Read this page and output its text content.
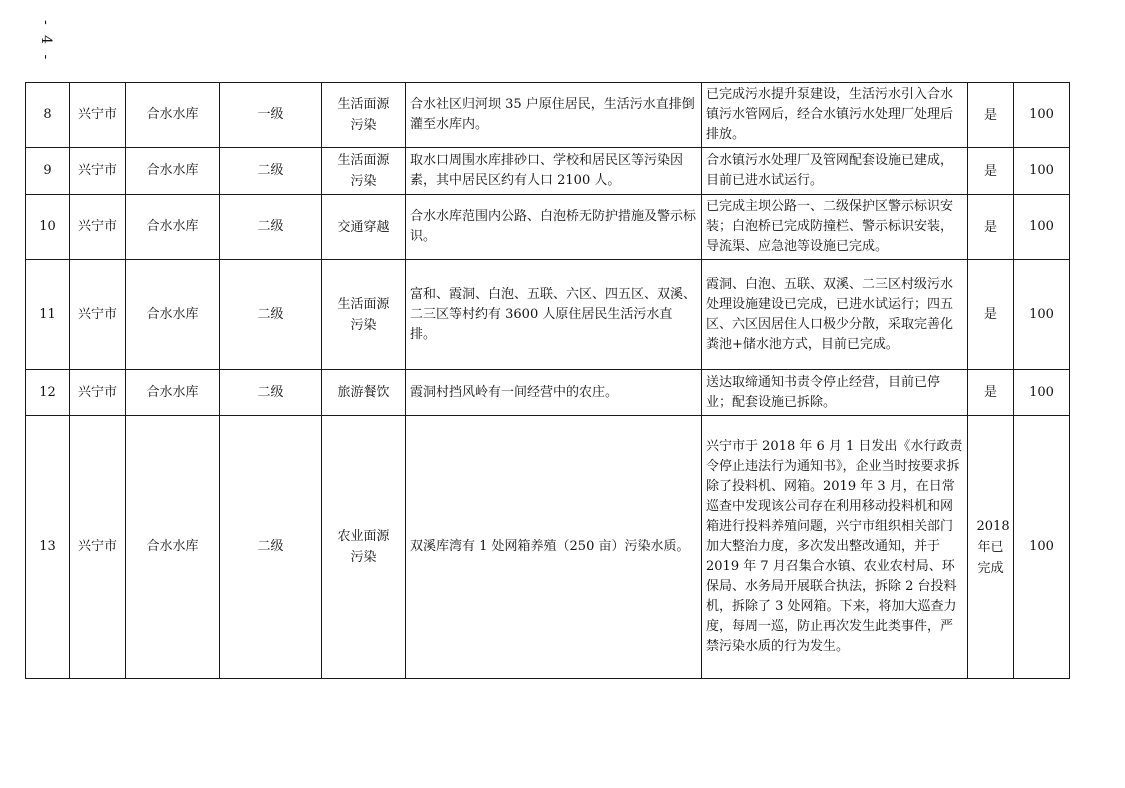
- 4 -
8	兴宁市	合水水库	一级	生活面源污染	合水社区归河坝 35 户原住居民，生活污水直排倒灌至水库内。	已完成污水提升泵建设，生活污水引入合水镇污水管网后，经合水镇污水处理厂处理后排放。	是	100
9	兴宁市	合水水库	二级	生活面源污染	取水口周围水库排砂口、学校和居民区等污染因素，其中居民区约有人口 2100 人。	合水镇污水处理厂及管网配套设施已建成，目前已进水试运行。	是	100
10	兴宁市	合水水库	二级	交通穿越	合水水库范围内公路、白泡桥无防护措施及警示标识。	已完成主坝公路一、二级保护区警示标识安装；白泡桥已完成防撞栏、警示标识安装，导流渠、应急池等设施已完成。	是	100
11	兴宁市	合水水库	二级	生活面源污染	富和、霞洞、白泡、五联、六区、四五区、双溪、二三区等村约有 3600 人原住居民生活污水直排。	霞洞、白泡、五联、双溪、二三区村级污水处理设施建设已完成，已进水试运行；四五区、六区因居住人口极少分散，采取完善化粪池+储水池方式，目前已完成。	是	100
12	兴宁市	合水水库	二级	旅游餐饮	霞洞村挡风岭有一间经营中的农庄。	送达取缔通知书责令停止经营，目前已停业；配套设施已拆除。	是	100
13	兴宁市	合水水库	二级	农业面源污染	双溪库湾有 1 处网箱养殖（250 亩）污染水质。	兴宁市于 2018 年 6 月 1 日发出《水行政责令停止违法行为通知书》，企业当时按要求拆除了投料机、网箱。2019 年 3 月，在日常巡查中发现该公司存在利用移动投料机和网箱进行投料养殖问题，兴宁市组织相关部门加大整治力度，多次发出整改通知，并于 2019 年 7 月召集合水镇、农业农村局、环保局、水务局开展联合执法，拆除 2 台投料机，拆除了 3 处网箱。下来，将加大巡查力度，每周一巡，防止再次发生此类事件，严禁污染水质的行为发生。	2018年已完成	100
